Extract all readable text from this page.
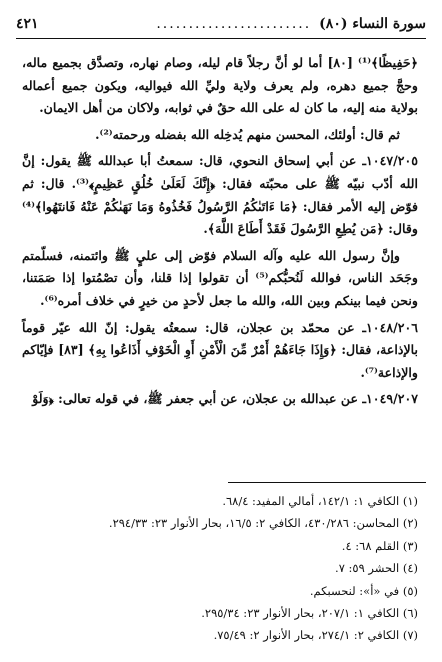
سورة النساء (٨٠)
........................
٤٢١

﴿حَفِيظًا﴾⁽¹⁾ [٨٠] أما لو أنَّ رجلاً قام ليله، وصام نهاره، وتصدَّق بجميع ماله، وحجَّ جميع دهره، ولم يعرف ولاية وليِّ الله فيواليه، ويكون جميع أعماله بولاية منه إليه، ما كان له على الله حقٌ في ثوابه، ولاكان من أهل الايمان.

ثم قال: أولئك، المحسن منهم يُدخِله الله بفضله ورحمته⁽²⁾.

١٠٤٧/٢٠٥ـ عن أبي إسحاق النحوي، قال: سمعتُ أبا عبدالله ﷺ يقول: إنَّ الله أدّب نبيّه ﷺ على محبّته فقال: ﴿إِنَّكَ لَعَلَىٰ خُلُقٍ عَظِيمٍ﴾⁽³⁾. قال: ثم فوّض إليه الأمر فقال: ﴿مَا ءَاتَىٰكُمُ الرَّسُولُ فَخُذُوهُ وَمَا نَهَىٰكُمْ عَنْهُ فَانتَهُوا﴾⁽⁴⁾ وقال: ﴿مَن يُطِعِ الرَّسُولَ فَقَدْ أَطَاعَ اللَّهَ﴾.

وإنَّ رسول الله عليه وآله السلام فوّض إلى عليٍ ﷺ وائتمنه، فسلّمتم وجَحَد الناس، فوالله لَنُحبُّكم⁽⁵⁾ أن تقولوا إذا قلنا، وأن تصْمُتوا إذا صَمَتنا، ونحن فيما بينكم وبين الله، والله ما جعل لأحدٍ من خيرٍ في خلاف أمره⁽⁶⁾.

١٠٤٨/٢٠٦ـ عن محمّد بن عجلان، قال: سمعتُه يقول: إنّ الله عيّر قوماً بالإذاعة، فقال: ﴿وَإِذَا جَاءَهُمْ أَمْرٌ مِّنَ الْأَمْنِ أَوِ الْخَوْفِ أَذَاعُوا بِهِ﴾ [٨٣] فإيّاكم والإذاعة⁽⁷⁾.

١٠٤٩/٢٠٧ـ عن عبدالله بن عجلان، عن أبي جعفر ﷺ، في قوله تعالى: ﴿وَلَوْ

(١) الكافي ١: ١٤٢/١، أمالي المفيد: ٦٨/٤.
(٢) المحاسن: ٤٣٠/٢٨٦، الكافي ٢: ١٦/٥، بحار الأنوار ٢٣: ٢٩٤/٣٣.
(٣) القلم ٦٨: ٤.
(٤) الحشر ٥٩: ٧.
(٥) في «أ»: لنحسبكم.
(٦) الكافي ١: ٢٠٧/١، بحار الأنوار ٢٣: ٢٩٥/٣٤.
(٧) الكافي ٢: ٢٧٤/١، بحار الأنوار ٢: ٧٥/٤٩.
